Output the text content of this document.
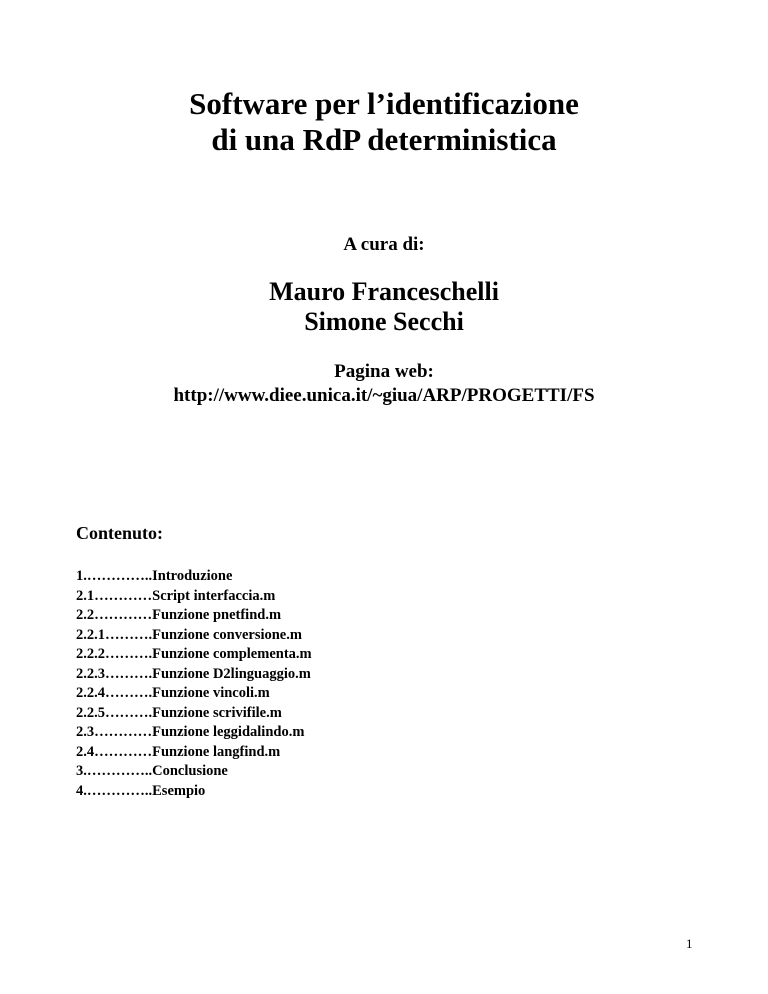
Software per l’identificazione
di una RdP deterministica
A cura di:
Mauro Franceschelli
Simone Secchi
Pagina web:
http://www.diee.unica.it/~giua/ARP/PROGETTI/FS
Contenuto:
1.…………..Introduzione
2.1…………Script interfaccia.m
2.2…………Funzione pnetfind.m
2.2.1……….Funzione conversione.m
2.2.2……….Funzione complementa.m
2.2.3……….Funzione D2linguaggio.m
2.2.4……….Funzione vincoli.m
2.2.5……….Funzione scrivifile.m
2.3…………Funzione leggidalindo.m
2.4…………Funzione langfind.m
3.…………..Conclusione
4.…………..Esempio
1
